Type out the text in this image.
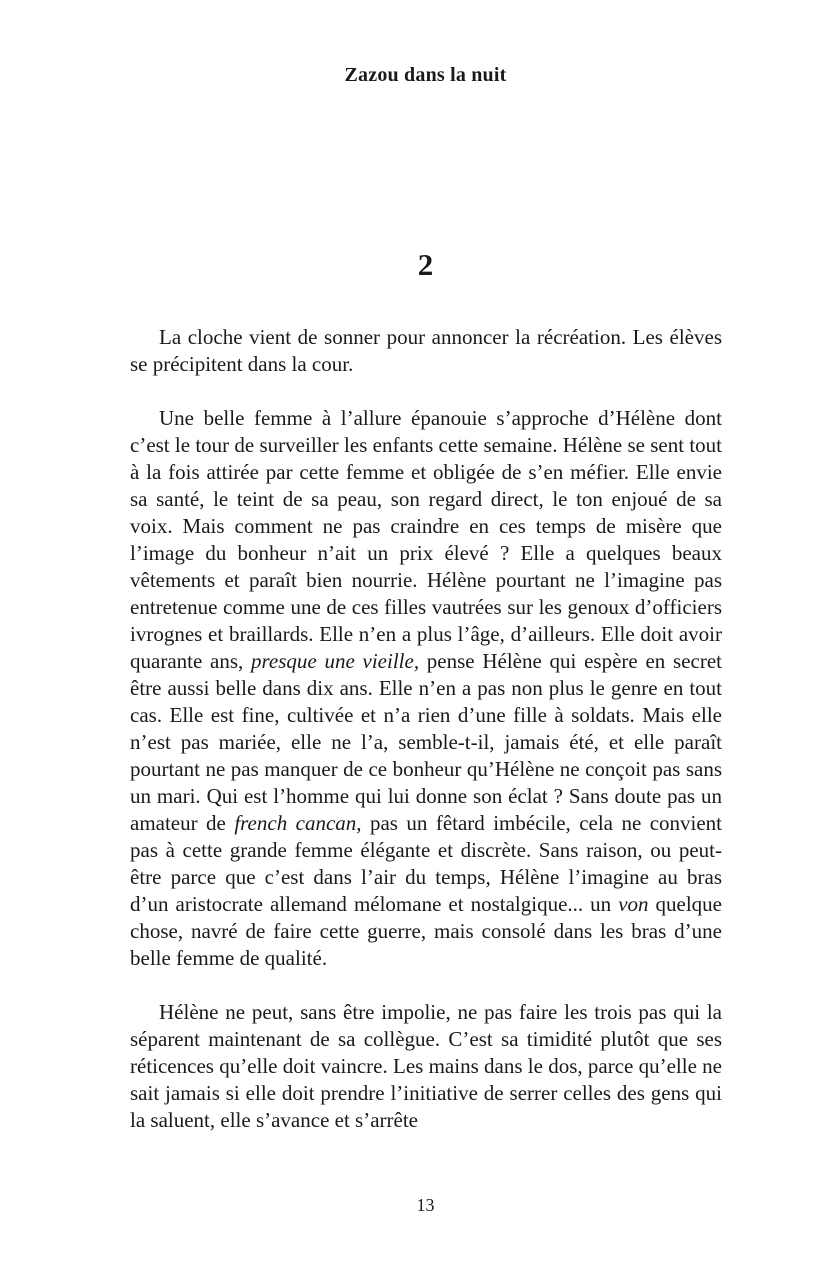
Zazou dans la nuit
2

La cloche vient de sonner pour annoncer la récréation. Les élèves se précipitent dans la cour.

Une belle femme à l’allure épanouie s’approche d’Hélène dont c’est le tour de surveiller les enfants cette semaine. Hélène se sent tout à la fois attirée par cette femme et obligée de s’en méfier. Elle envie sa santé, le teint de sa peau, son regard direct, le ton enjoué de sa voix. Mais comment ne pas craindre en ces temps de misère que l’image du bonheur n’ait un prix élevé ? Elle a quelques beaux vêtements et paraît bien nourrie. Hélène pourtant ne l’imagine pas entretenue comme une de ces filles vautrées sur les genoux d’officiers ivrognes et braillards. Elle n’en a plus l’âge, d’ailleurs. Elle doit avoir quarante ans, presque une vieille, pense Hélène qui espère en secret être aussi belle dans dix ans. Elle n’en a pas non plus le genre en tout cas. Elle est fine, cultivée et n’a rien d’une fille à soldats. Mais elle n’est pas mariée, elle ne l’a, semble-t-il, jamais été, et elle paraît pourtant ne pas manquer de ce bonheur qu’Hélène ne conçoit pas sans un mari. Qui est l’homme qui lui donne son éclat ? Sans doute pas un amateur de french cancan, pas un fêtard imbécile, cela ne convient pas à cette grande femme élégante et discrète. Sans raison, ou peut-être parce que c’est dans l’air du temps, Hélène l’imagine au bras d’un aristocrate allemand mélomane et nostalgique... un von quelque chose, navré de faire cette guerre, mais consolé dans les bras d’une belle femme de qualité.

Hélène ne peut, sans être impolie, ne pas faire les trois pas qui la séparent maintenant de sa collègue. C’est sa timidité plutôt que ses réticences qu’elle doit vaincre. Les mains dans le dos, parce qu’elle ne sait jamais si elle doit prendre l’initiative de serrer celles des gens qui la saluent, elle s’avance et s’arrête

13
